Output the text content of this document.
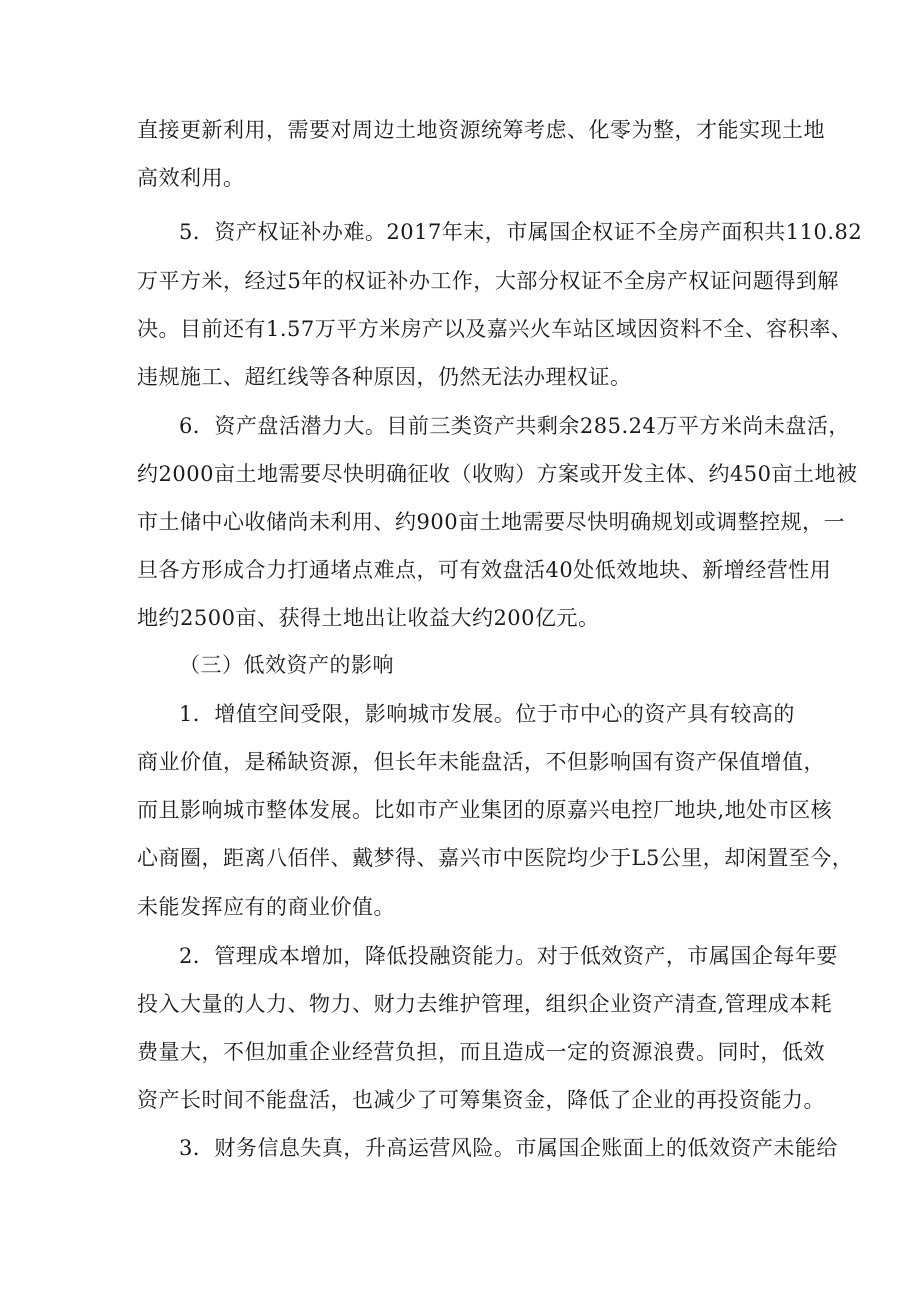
直接更新利用，需要对周边土地资源统筹考虑、化零为整，才能实现土地
高效利用。
5．资产权证补办难。2017年末，市属国企权证不全房产面积共110.82
万平方米，经过5年的权证补办工作，大部分权证不全房产权证问题得到解
决。目前还有1.57万平方米房产以及嘉兴火车站区域因资料不全、容积率、
违规施工、超红线等各种原因，仍然无法办理权证。
6．资产盘活潜力大。目前三类资产共剩余285.24万平方米尚未盘活，
约2000亩土地需要尽快明确征收（收购）方案或开发主体、约450亩土地被
市土储中心收储尚未利用、约900亩土地需要尽快明确规划或调整控规，一
旦各方形成合力打通堵点难点，可有效盘活40处低效地块、新增经营性用
地约2500亩、获得土地出让收益大约200亿元。
（三）低效资产的影响
1．增值空间受限，影响城市发展。位于市中心的资产具有较高的
商业价值，是稀缺资源，但长年未能盘活，不但影响国有资产保值增值，
而且影响城市整体发展。比如市产业集团的原嘉兴电控厂地块,地处市区核
心商圈，距离八佰伴、戴梦得、嘉兴市中医院均少于L5公里，却闲置至今，
未能发挥应有的商业价值。
2．管理成本增加，降低投融资能力。对于低效资产，市属国企每年要
投入大量的人力、物力、财力去维护管理，组织企业资产清查,管理成本耗
费量大，不但加重企业经营负担，而且造成一定的资源浪费。同时，低效
资产长时间不能盘活，也减少了可筹集资金，降低了企业的再投资能力。
3．财务信息失真，升高运营风险。市属国企账面上的低效资产未能给
